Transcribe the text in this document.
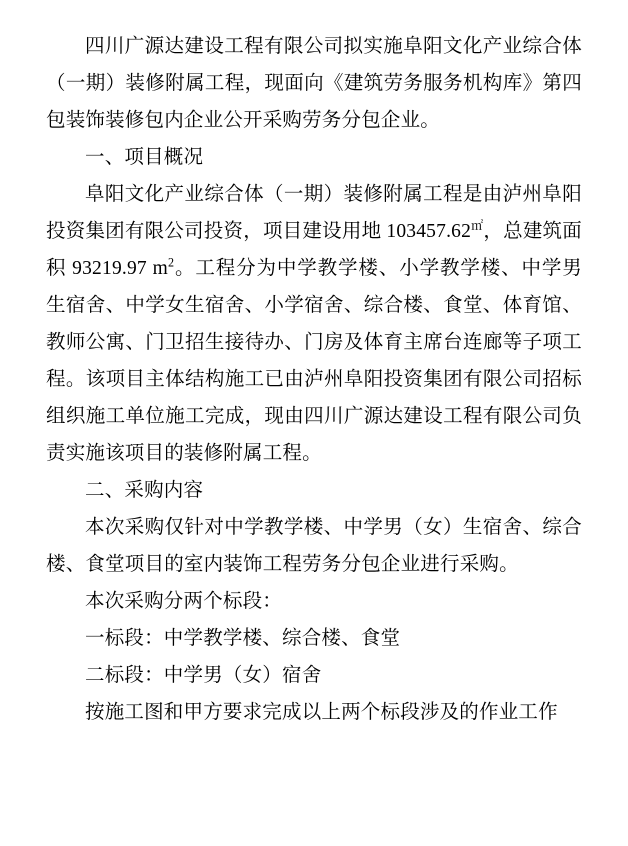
四川广源达建设工程有限公司拟实施阜阳文化产业综合体（一期）装修附属工程，现面向《建筑劳务服务机构库》第四包装饰装修包内企业公开采购劳务分包企业。

一、项目概况

阜阳文化产业综合体（一期）装修附属工程是由泸州阜阳投资集团有限公司投资，项目建设用地 103457.62㎡，总建筑面积 93219.97 $m^2$。工程分为中学教学楼、小学教学楼、中学男生宿舍、中学女生宿舍、小学宿舍、综合楼、食堂、体育馆、教师公寓、门卫招生接待办、门房及体育主席台连廊等子项工程。该项目主体结构施工已由泸州阜阳投资集团有限公司招标组织施工单位施工完成，现由四川广源达建设工程有限公司负责实施该项目的装修附属工程。

二、采购内容

本次采购仅针对中学教学楼、中学男（女）生宿舍、综合楼、食堂项目的室内装饰工程劳务分包企业进行采购。

本次采购分两个标段：

一标段：中学教学楼、综合楼、食堂

二标段：中学男（女）宿舍

按施工图和甲方要求完成以上两个标段涉及的作业工作
